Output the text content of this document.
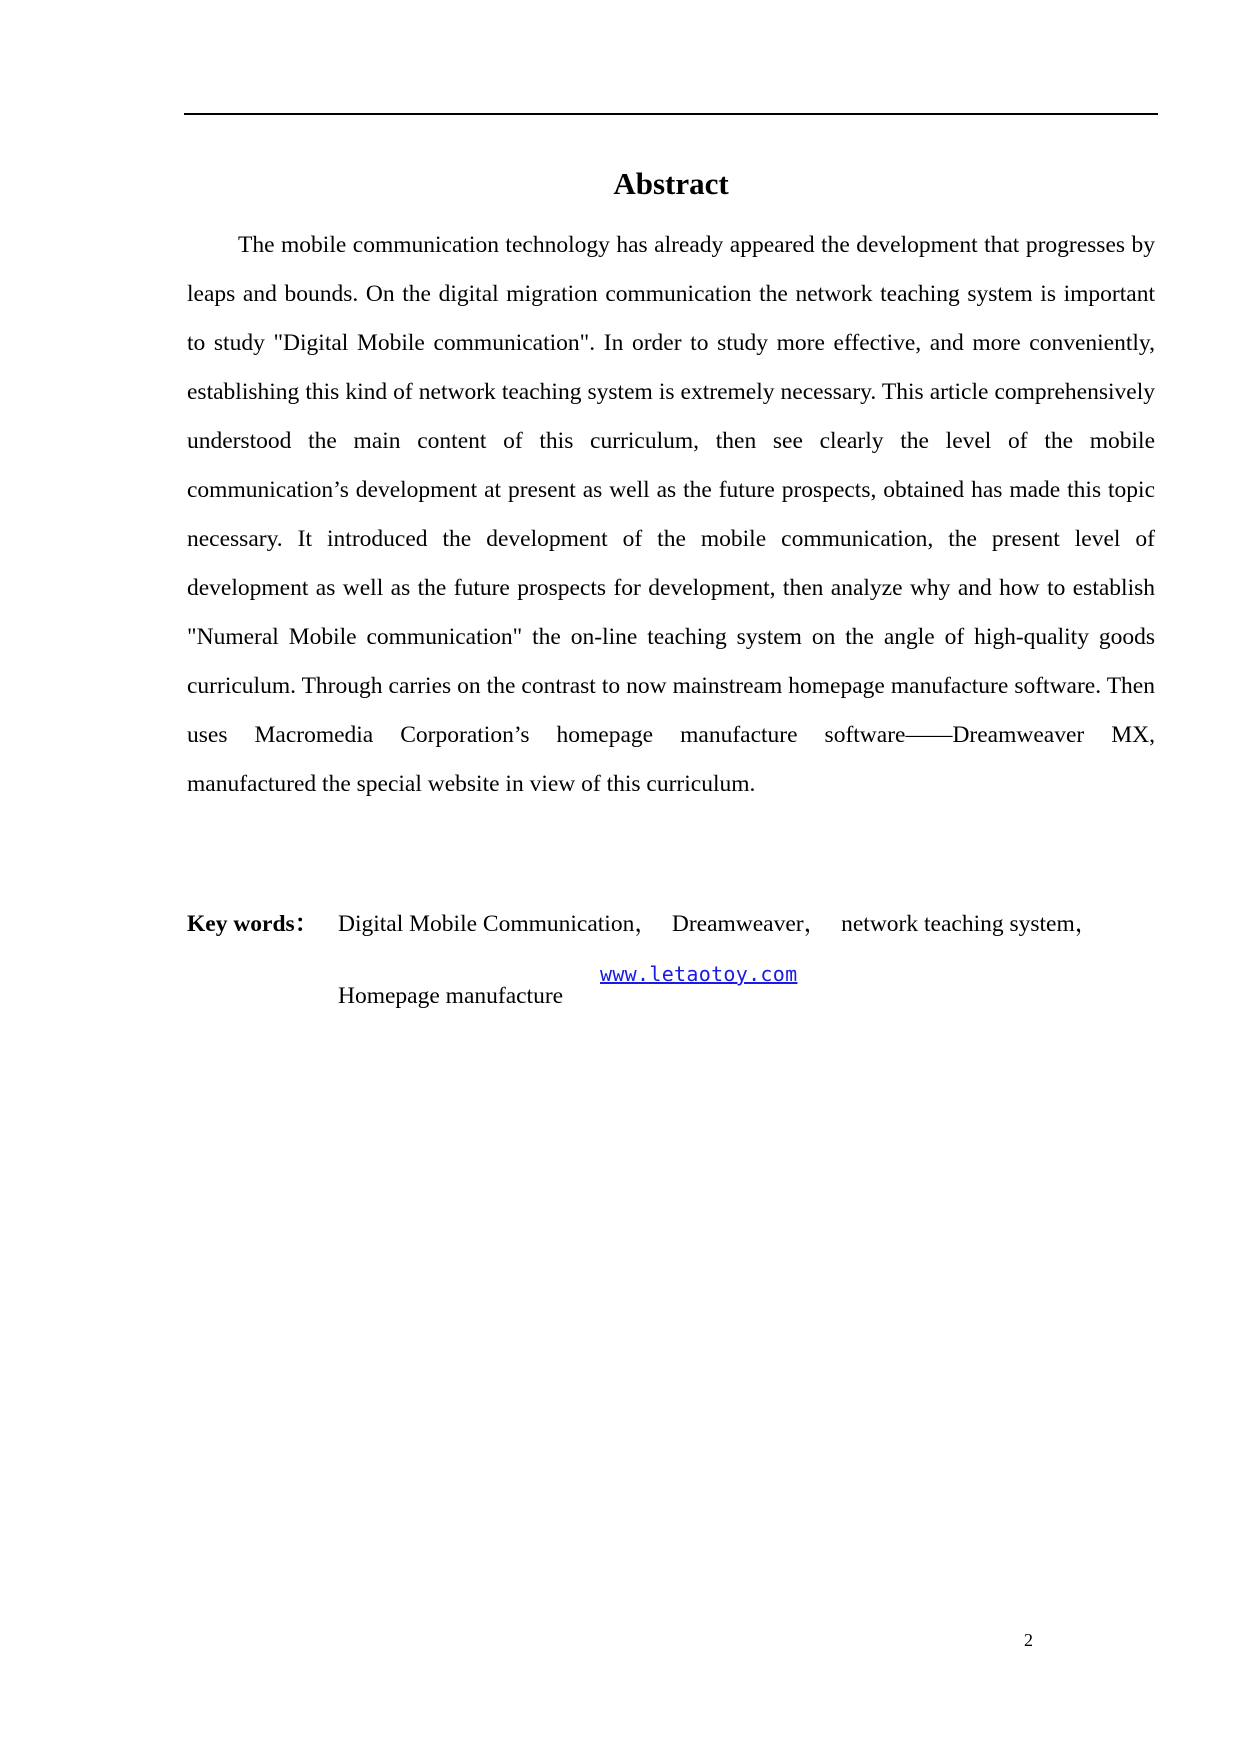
Abstract

The mobile communication technology has already appeared the development that progresses by leaps and bounds. On the digital migration communication the network teaching system is important to study "Digital Mobile communication". In order to study more effective, and more conveniently, establishing this kind of network teaching system is extremely necessary. This article comprehensively understood the main content of this curriculum, then see clearly the level of the mobile communication’s development at present as well as the future prospects, obtained has made this topic necessary. It introduced the development of the mobile communication, the present level of development as well as the future prospects for development, then analyze why and how to establish "Numeral Mobile communication" the on-line teaching system on the angle of high-quality goods curriculum. Through carries on the contrast to now mainstream homepage manufacture software. Then uses Macromedia Corporation’s homepage manufacture software——Dreamweaver MX, manufactured the special website in view of this curriculum.

Key words： Digital Mobile Communication， Dreamweaver， network teaching system，
Homepage manufacture
www.letaotoy.com
2
